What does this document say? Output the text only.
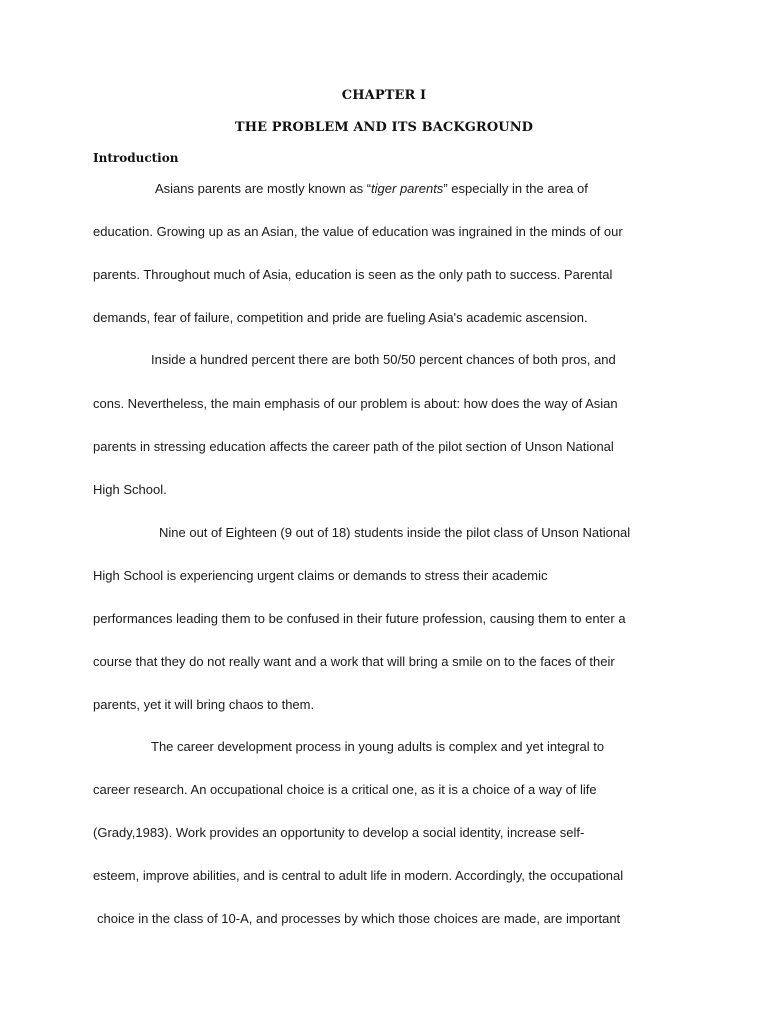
CHAPTER I
THE PROBLEM AND ITS BACKGROUND
Introduction
Asians parents are mostly known as “tiger parents” especially in the area of
education. Growing up as an Asian, the value of education was ingrained in the minds of our
parents. Throughout much of Asia, education is seen as the only path to success. Parental
demands, fear of failure, competition and pride are fueling Asia's academic ascension.
Inside a hundred percent there are both 50/50 percent chances of both pros, and
cons. Nevertheless, the main emphasis of our problem is about: how does the way of Asian
parents in stressing education affects the career path of the pilot section of Unson National
High School.
Nine out of Eighteen (9 out of 18) students inside the pilot class of Unson National
High School is experiencing urgent claims or demands to stress their academic
performances leading them to be confused in their future profession, causing them to enter a
course that they do not really want and a work that will bring a smile on to the faces of their
parents, yet it will bring chaos to them.
The career development process in young adults is complex and yet integral to
career research. An occupational choice is a critical one, as it is a choice of a way of life
(Grady,1983). Work provides an opportunity to develop a social identity, increase self-
esteem, improve abilities, and is central to adult life in modern. Accordingly, the occupational
choice in the class of 10-A, and processes by which those choices are made, are important
